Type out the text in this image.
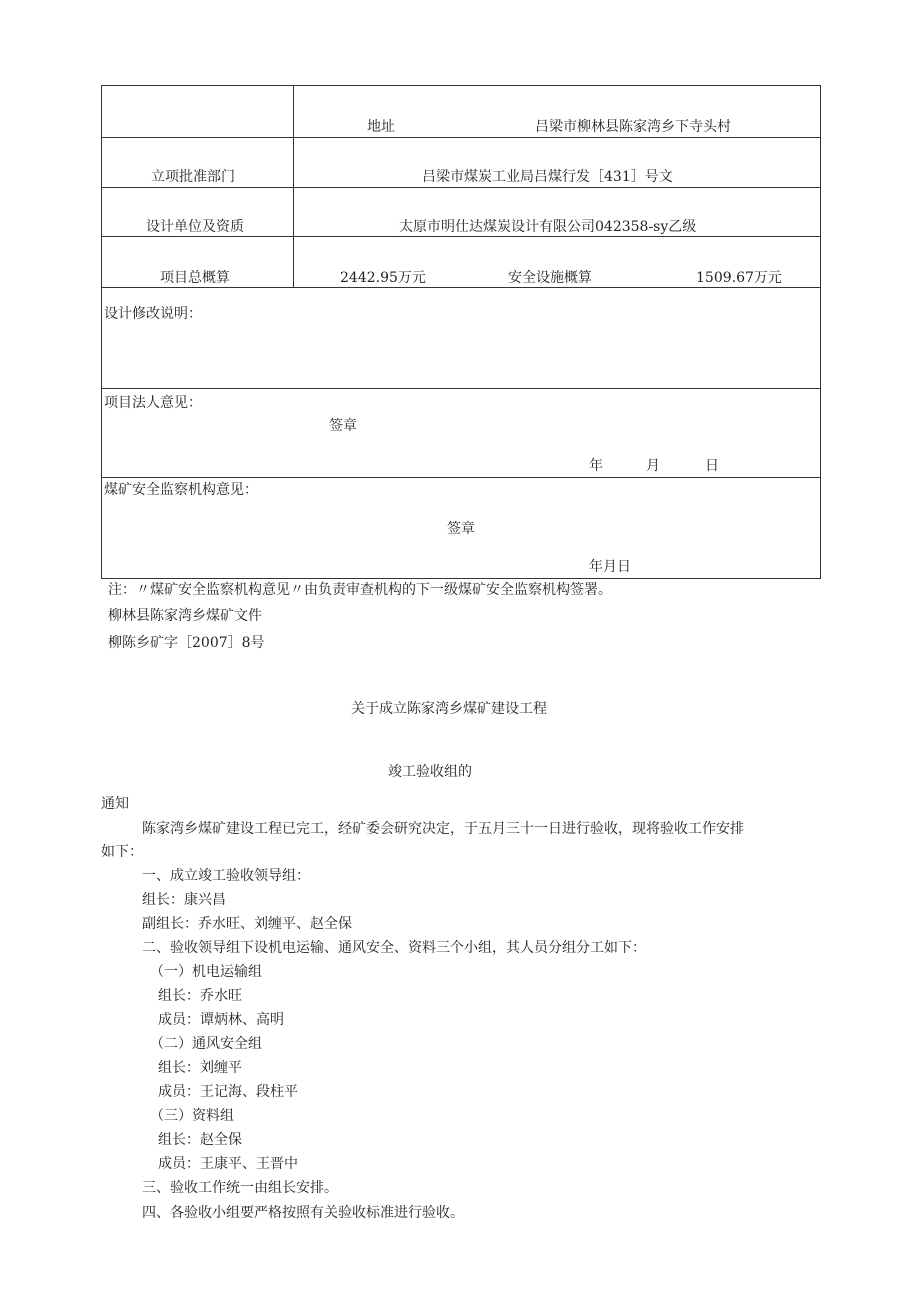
地址	吕梁市柳林县陈家湾乡下寺头村
立项批准部门	吕梁市煤炭工业局吕煤行发［431］号文
设计单位及资质	太原市明仕达煤炭设计有限公司042358-sy乙级
项目总概算	2442.95万元	安全设施概算	1509.67万元
设计修改说明：
项目法人意见：
签章
年	月	日
煤矿安全监察机构意见：
签章
年月日
注：〃煤矿安全监察机构意见〃由负责审查机构的下一级煤矿安全监察机构签署。
柳林县陈家湾乡煤矿文件
柳陈乡矿字［2007］8号
关于成立陈家湾乡煤矿建设工程
竣工验收组的
通知
陈家湾乡煤矿建设工程已完工，经矿委会研究决定，于五月三十一日进行验收，现将验收工作安排
如下：
一、成立竣工验收领导组：
组长：康兴昌
副组长：乔水旺、刘缠平、赵全保
二、验收领导组下设机电运输、通风安全、资料三个小组，其人员分组分工如下：
（一）机电运输组
组长：乔水旺
成员：谭炳林、高明
（二）通风安全组
组长：刘缠平
成员：王记海、段柱平
（三）资料组
组长：赵全保
成员：王康平、王晋中
三、验收工作统一由组长安排。
四、各验收小组要严格按照有关验收标准进行验收。
